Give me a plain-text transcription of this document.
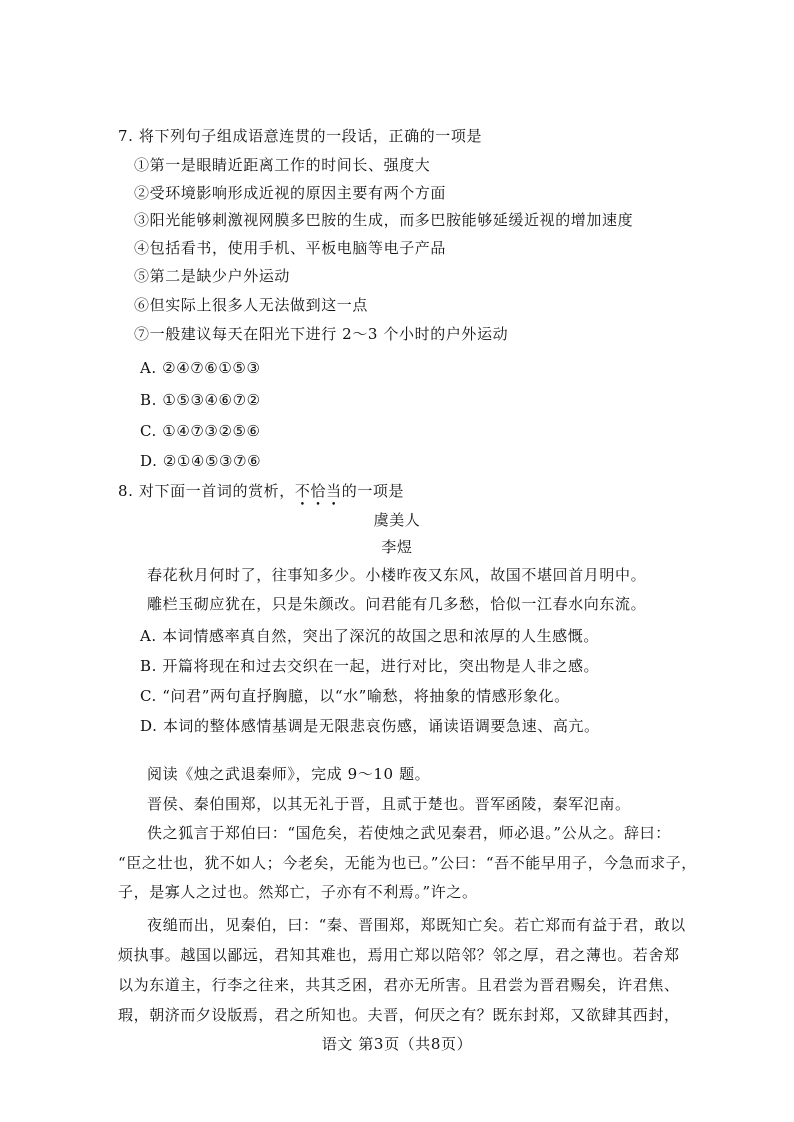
7. 将下列句子组成语意连贯的一段话，正确的一项是
①第一是眼睛近距离工作的时间长、强度大
②受环境影响形成近视的原因主要有两个方面
③阳光能够刺激视网膜多巴胺的生成，而多巴胺能够延缓近视的增加速度
④包括看书，使用手机、平板电脑等电子产品
⑤第二是缺少户外运动
⑥但实际上很多人无法做到这一点
⑦一般建议每天在阳光下进行 2～3 个小时的户外运动
A. ②④⑦⑥①⑤③
B. ①⑤③④⑥⑦②
C. ①④⑦③②⑤⑥
D. ②①④⑤③⑦⑥
8. 对下面一首词的赏析，不恰当的一项是
虞美人
李煜
春花秋月何时了，往事知多少。小楼昨夜又东风，故国不堪回首月明中。
雕栏玉砌应犹在，只是朱颜改。问君能有几多愁，恰似一江春水向东流。
A. 本词情感率真自然，突出了深沉的故国之思和浓厚的人生感慨。
B. 开篇将现在和过去交织在一起，进行对比，突出物是人非之感。
C. “问君”两句直抒胸臆，以“水”喻愁，将抽象的情感形象化。
D. 本词的整体感情基调是无限悲哀伤感，诵读语调要急速、高亢。
阅读《烛之武退秦师》，完成 9～10 题。
晋侯、秦伯围郑，以其无礼于晋，且贰于楚也。晋军函陵，秦军氾南。
佚之狐言于郑伯曰：“国危矣，若使烛之武见秦君，师必退。”公从之。辞曰：
“臣之壮也，犹不如人；今老矣，无能为也已。”公曰：“吾不能早用子，今急而求子，
子，是寡人之过也。然郑亡，子亦有不利焉。”许之。
夜缒而出，见秦伯，曰：“秦、晋围郑，郑既知亡矣。若亡郑而有益于君，敢以
烦执事。越国以鄙远，君知其难也，焉用亡郑以陪邻？邻之厚，君之薄也。若舍郑
以为东道主，行李之往来，共其乏困，君亦无所害。且君尝为晋君赐矣，许君焦、
瑕，朝济而夕设版焉，君之所知也。夫晋，何厌之有？既东封郑，又欲肆其西封，
语文 第3页（共8页）
